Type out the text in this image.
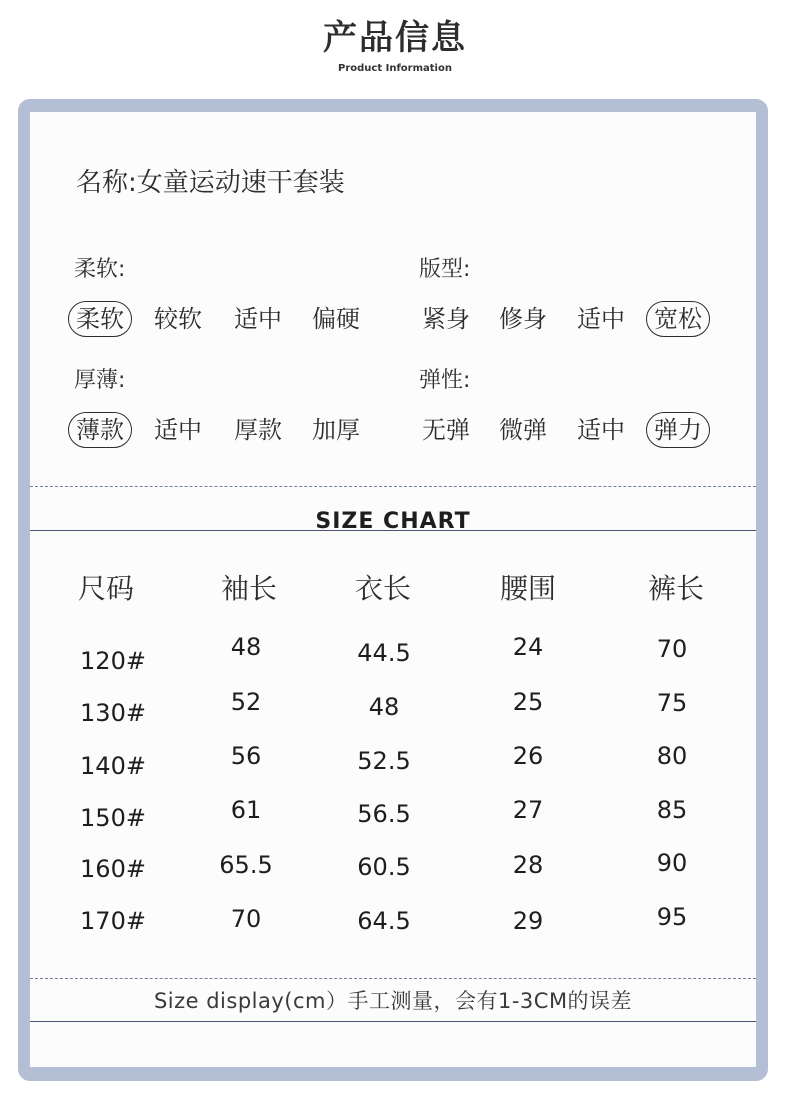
产品信息
Product Information
名称:女童运动速干套装
柔软:
柔软	较软 适中 偏硬
版型:
紧身 修身 适中	宽松
厚薄:
薄款	适中 厚款 加厚
弹性:
无弹 微弹 适中	弹力
SIZE CHART
尺码	袖长	衣长	腰围	裤长
120#	48	44.5	24	70
130#	52	48	25	75
140#	56	52.5	26	80
150#	61	56.5	27	85
160#	65.5	60.5	28	90
170#	70	64.5	29	95
Size display(cm）手工测量，会有1-3CM的误差
